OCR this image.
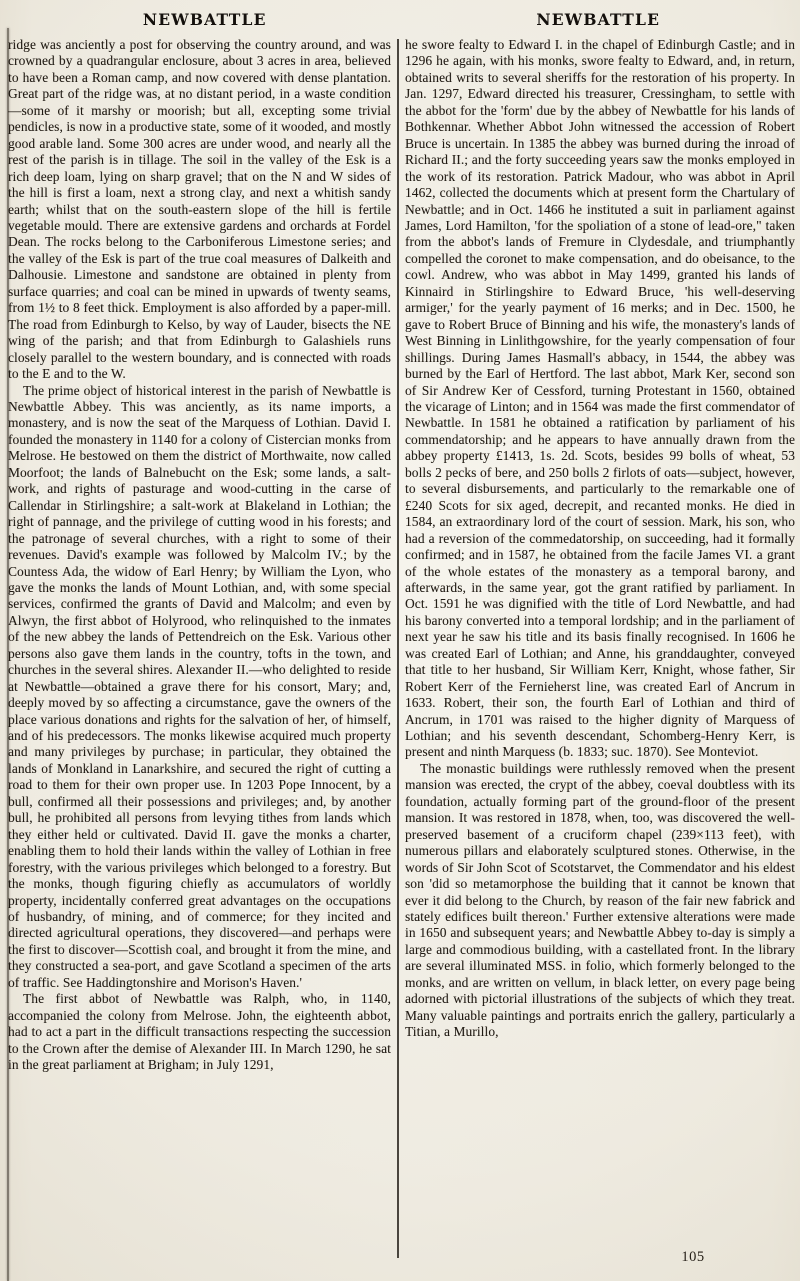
NEWBATTLE	NEWBATTLE

ridge was anciently a post for observing the country around, and was crowned by a quadrangular enclosure, about 3 acres in area, believed to have been a Roman camp, and now covered with dense plantation. Great part of the ridge was, at no distant period, in a waste condition—some of it marshy or moorish; but all, excepting some trivial pendicles, is now in a productive state, some of it wooded, and mostly good arable land. Some 300 acres are under wood, and nearly all the rest of the parish is in tillage. The soil in the valley of the Esk is a rich deep loam, lying on sharp gravel; that on the N and W sides of the hill is first a loam, next a strong clay, and next a whitish sandy earth; whilst that on the south-eastern slope of the hill is fertile vegetable mould. There are extensive gardens and orchards at Fordel Dean. The rocks belong to the Carboniferous Limestone series; and the valley of the Esk is part of the true coal measures of Dalkeith and Dalhousie. Limestone and sandstone are obtained in plenty from surface quarries; and coal can be mined in upwards of twenty seams, from 1½ to 8 feet thick. Employment is also afforded by a paper-mill. The road from Edinburgh to Kelso, by way of Lauder, bisects the NE wing of the parish; and that from Edinburgh to Galashiels runs closely parallel to the western boundary, and is connected with roads to the E and to the W.

The prime object of historical interest in the parish of Newbattle is Newbattle Abbey. This was anciently, as its name imports, a monastery, and is now the seat of the Marquess of Lothian. David I. founded the monastery in 1140 for a colony of Cistercian monks from Melrose. He bestowed on them the district of Morthwaite, now called Moorfoot; the lands of Balnebucht on the Esk; some lands, a salt-work, and rights of pasturage and wood-cutting in the carse of Callendar in Stirlingshire; a salt-work at Blakeland in Lothian; the right of pannage, and the privilege of cutting wood in his forests; and the patronage of several churches, with a right to some of their revenues. David's example was followed by Malcolm IV.; by the Countess Ada, the widow of Earl Henry; by William the Lyon, who gave the monks the lands of Mount Lothian, and, with some special services, confirmed the grants of David and Malcolm; and even by Alwyn, the first abbot of Holyrood, who relinquished to the inmates of the new abbey the lands of Pettendreich on the Esk. Various other persons also gave them lands in the country, tofts in the town, and churches in the several shires. Alexander II.—who delighted to reside at Newbattle—obtained a grave there for his consort, Mary; and, deeply moved by so affecting a circumstance, gave the owners of the place various donations and rights for the salvation of her, of himself, and of his predecessors. The monks likewise acquired much property and many privileges by purchase; in particular, they obtained the lands of Monkland in Lanarkshire, and secured the right of cutting a road to them for their own proper use. In 1203 Pope Innocent, by a bull, confirmed all their possessions and privileges; and, by another bull, he prohibited all persons from levying tithes from lands which they either held or cultivated. David II. gave the monks a charter, enabling them to hold their lands within the valley of Lothian in free forestry, with the various privileges which belonged to a forestry. But the monks, though figuring chiefly as accumulators of worldly property, incidentally conferred great advantages on the occupations of husbandry, of mining, and of commerce; for they incited and directed agricultural operations, they discovered—and perhaps were the first to discover—Scottish coal, and brought it from the mine, and they constructed a sea-port, and gave Scotland a specimen of the arts of traffic. See Haddingtonshire and Morison's Haven.'

The first abbot of Newbattle was Ralph, who, in 1140, accompanied the colony from Melrose. John, the eighteenth abbot, had to act a part in the difficult transactions respecting the succession to the Crown after the demise of Alexander III. In March 1290, he sat in the great parliament at Brigham; in July 1291,

he swore fealty to Edward I. in the chapel of Edinburgh Castle; and in 1296 he again, with his monks, swore fealty to Edward, and, in return, obtained writs to several sheriffs for the restoration of his property. In Jan. 1297, Edward directed his treasurer, Cressingham, to settle with the abbot for the 'form' due by the abbey of Newbattle for his lands of Bothkennar. Whether Abbot John witnessed the accession of Robert Bruce is uncertain. In 1385 the abbey was burned during the inroad of Richard II.; and the forty succeeding years saw the monks employed in the work of its restoration. Patrick Madour, who was abbot in April 1462, collected the documents which at present form the Chartulary of Newbattle; and in Oct. 1466 he instituted a suit in parliament against James, Lord Hamilton, 'for the spoliation of a stone of lead-ore," taken from the abbot's lands of Fremure in Clydesdale, and triumphantly compelled the coronet to make compensation, and do obeisance, to the cowl. Andrew, who was abbot in May 1499, granted his lands of Kinnaird in Stirlingshire to Edward Bruce, 'his well-deserving armiger,' for the yearly payment of 16 merks; and in Dec. 1500, he gave to Robert Bruce of Binning and his wife, the monastery's lands of West Binning in Linlithgowshire, for the yearly compensation of four shillings. During James Hasmall's abbacy, in 1544, the abbey was burned by the Earl of Hertford. The last abbot, Mark Ker, second son of Sir Andrew Ker of Cessford, turning Protestant in 1560, obtained the vicarage of Linton; and in 1564 was made the first commendator of Newbattle. In 1581 he obtained a ratification by parliament of his commendatorship; and he appears to have annually drawn from the abbey property £1413, 1s. 2d. Scots, besides 99 bolls of wheat, 53 bolls 2 pecks of bere, and 250 bolls 2 firlots of oats—subject, however, to several disbursements, and particularly to the remarkable one of £240 Scots for six aged, decrepit, and recanted monks. He died in 1584, an extraordinary lord of the court of session. Mark, his son, who had a reversion of the commedatorship, on succeeding, had it formally confirmed; and in 1587, he obtained from the facile James VI. a grant of the whole estates of the monastery as a temporal barony, and afterwards, in the same year, got the grant ratified by parliament. In Oct. 1591 he was dignified with the title of Lord Newbattle, and had his barony converted into a temporal lordship; and in the parliament of next year he saw his title and its basis finally recognised. In 1606 he was created Earl of Lothian; and Anne, his granddaughter, conveyed that title to her husband, Sir William Kerr, Knight, whose father, Sir Robert Kerr of the Fernieherst line, was created Earl of Ancrum in 1633. Robert, their son, the fourth Earl of Lothian and third of Ancrum, in 1701 was raised to the higher dignity of Marquess of Lothian; and his seventh descendant, Schomberg-Henry Kerr, is present and ninth Marquess (b. 1833; suc. 1870). See Monteviot.

The monastic buildings were ruthlessly removed when the present mansion was erected, the crypt of the abbey, coeval doubtless with its foundation, actually forming part of the ground-floor of the present mansion. It was restored in 1878, when, too, was discovered the well-preserved basement of a cruciform chapel (239×113 feet), with numerous pillars and elaborately sculptured stones. Otherwise, in the words of Sir John Scot of Scotstarvet, the Commendator and his eldest son 'did so metamorphose the building that it cannot be known that ever it did belong to the Church, by reason of the fair new fabrick and stately edifices built thereon.' Further extensive alterations were made in 1650 and subsequent years; and Newbattle Abbey to-day is simply a large and commodious building, with a castellated front. In the library are several illuminated MSS. in folio, which formerly belonged to the monks, and are written on vellum, in black letter, on every page being adorned with pictorial illustrations of the subjects of which they treat. Many valuable paintings and portraits enrich the gallery, particularly a Titian, a Murillo,

105
